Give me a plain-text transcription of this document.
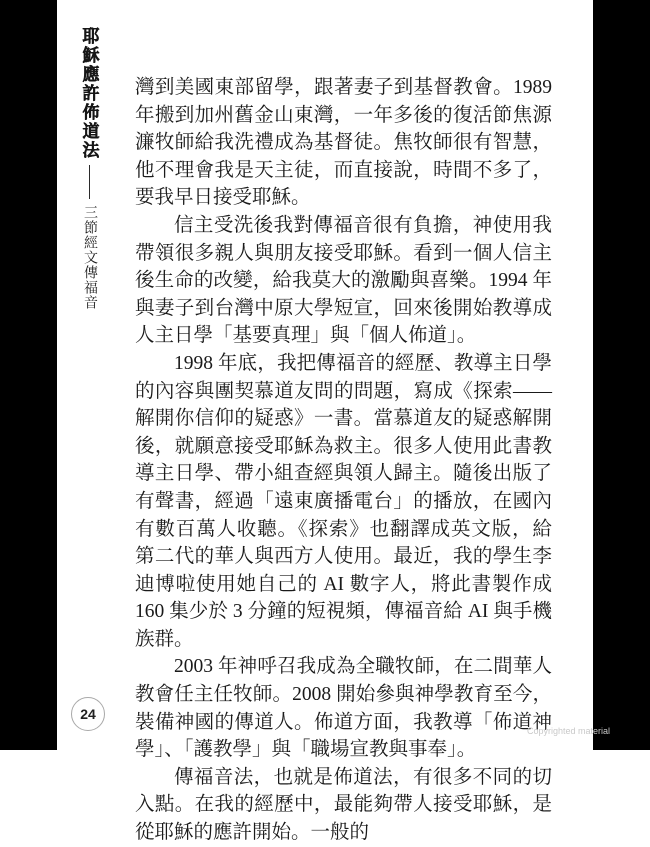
耶穌應許佈道法
三節經文傳福音

灣到美國東部留學，跟著妻子到基督教會。1989 年搬到加州舊金山東灣，一年多後的復活節焦源濂牧師給我洗禮成為基督徒。焦牧師很有智慧，他不理會我是天主徒，而直接說，時間不多了，要我早日接受耶穌。

信主受洗後我對傳福音很有負擔，神使用我帶領很多親人與朋友接受耶穌。看到一個人信主後生命的改變，給我莫大的激勵與喜樂。1994 年與妻子到台灣中原大學短宣，回來後開始教導成人主日學「基要真理」與「個人佈道」。

1998 年底，我把傳福音的經歷、教導主日學的內容與團契慕道友問的問題，寫成《探索——解開你信仰的疑惑》一書。當慕道友的疑惑解開後，就願意接受耶穌為救主。很多人使用此書教導主日學、帶小組查經與領人歸主。隨後出版了有聲書，經過「遠東廣播電台」的播放，在國內有數百萬人收聽。《探索》也翻譯成英文版，給第二代的華人與西方人使用。最近，我的學生李迪博啦使用她自己的 AI 數字人，將此書製作成 160 集少於 3 分鐘的短視頻，傳福音給 AI 與手機族群。

2003 年神呼召我成為全職牧師，在二間華人教會任主任牧師。2008 開始參與神學教育至今，裝備神國的傳道人。佈道方面，我教導「佈道神學」、「護教學」與「職場宣教與事奉」。

傳福音法，也就是佈道法，有很多不同的切入點。在我的經歷中，最能夠帶人接受耶穌，是從耶穌的應許開始。一般的

24
Copyrighted material
